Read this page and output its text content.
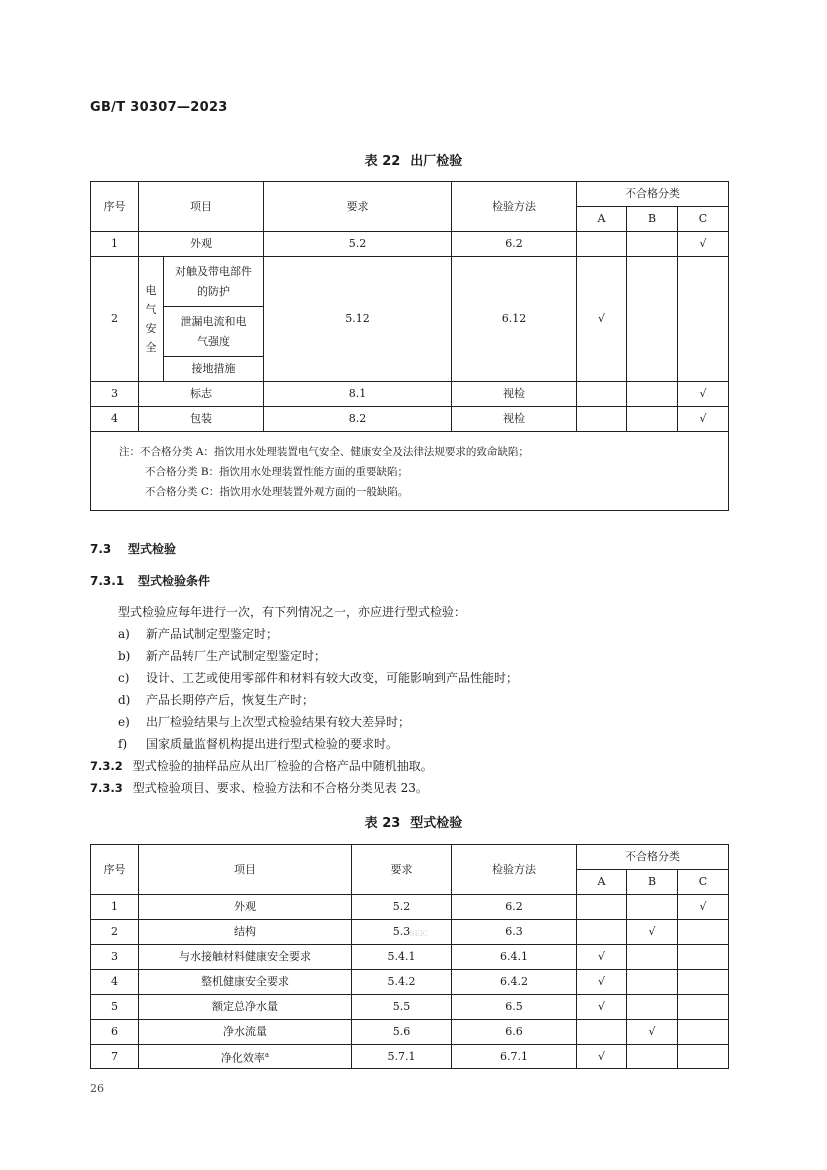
GB/T 30307—2023
表 22 出厂检验
序号	项目		要求	检验方法	不合格分类		
					A	B	C
1	外观		5.2	6.2			√
2	电气安全	对触及带电部件的防护	5.12	6.12	√		
		泄漏电流和电气强度					
		接地措施					
3	标志		8.1	视检			√
4	包装		8.2	视检			√

注：不合格分类 A：指饮用水处理装置电气安全、健康安全及法律法规要求的致命缺陷；
不合格分类 B：指饮用水处理装置性能方面的重要缺陷；
不合格分类 C：指饮用水处理装置外观方面的一般缺陷。							
7.3 型式检验
7.3.1 型式检验条件
型式检验应每年进行一次，有下列情况之一，亦应进行型式检验：
a) 新产品试制定型鉴定时；
b) 新产品转厂生产试制定型鉴定时；
c) 设计、工艺或使用零部件和材料有较大改变，可能影响到产品性能时；
d) 产品长期停产后，恢复生产时；
e) 出厂检验结果与上次型式检验结果有较大差异时；
f) 国家质量监督机构提出进行型式检验的要求时。
7.3.2 型式检验的抽样品应从出厂检验的合格产品中随机抽取。
7.3.3 型式检验项目、要求、检验方法和不合格分类见表 23。
表 23 型式检验
序号	项目	要求	检验方法	不合格分类		
				A	B	C
1	外观	5.2	6.2			√
2	结构	5.3 SEIC	6.3		√	
3	与水接触材料健康安全要求	5.4.1	6.4.1	√		
4	整机健康安全要求	5.4.2	6.4.2	√		
5	额定总净水量	5.5	6.5	√		
6	净水流量	5.6	6.6		√	
7	净化效率$^a$	5.7.1	6.7.1	√		
26
